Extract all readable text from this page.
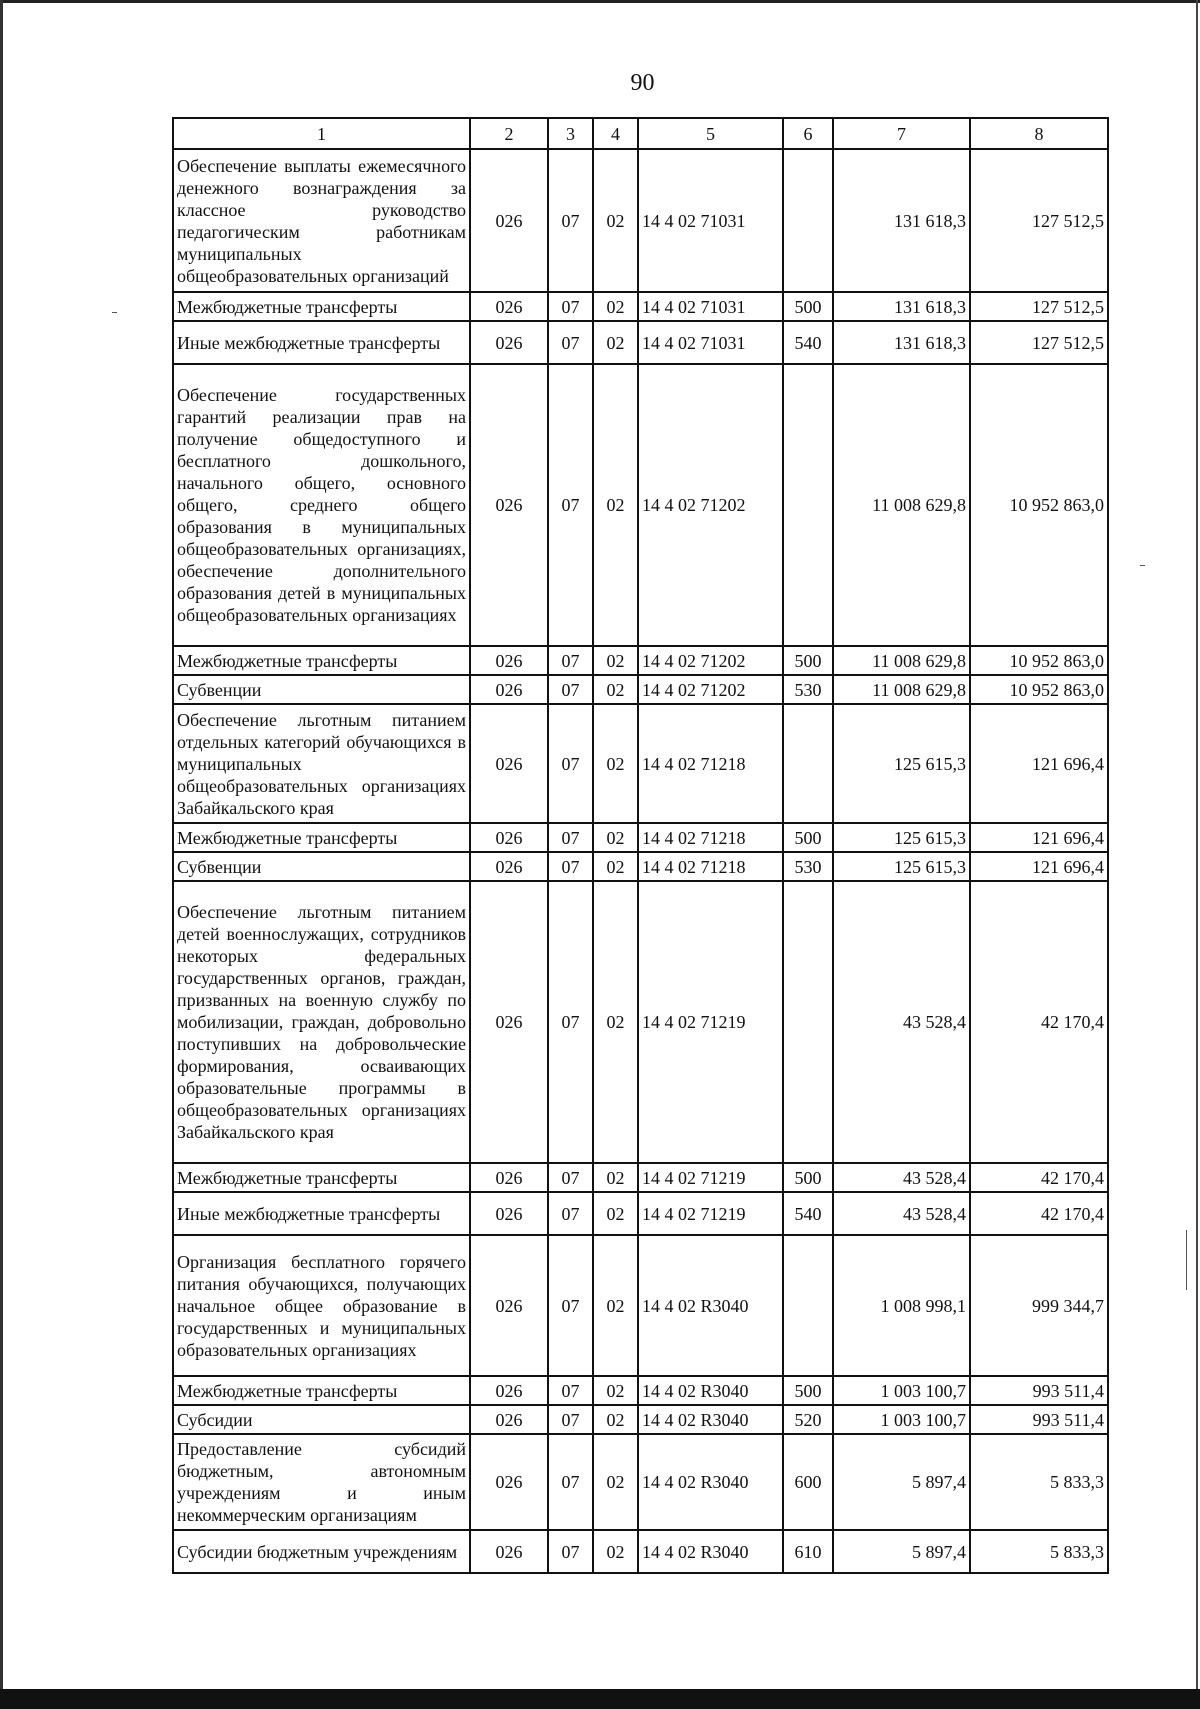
90
1	2	3	4	5	6	7	8
Обеспечение выплаты ежемесячного денежного вознаграждения за классное руководство педагогическим работникам муниципальных общеобразовательных организаций	026	07	02	14 4 02 71031		131 618,3	127 512,5
Межбюджетные трансферты	026	07	02	14 4 02 71031	500	131 618,3	127 512,5
Иные межбюджетные трансферты	026	07	02	14 4 02 71031	540	131 618,3	127 512,5
Обеспечение государственных гарантий реализации прав на получение общедоступного и бесплатного дошкольного, начального общего, основного общего, среднего общего образования в муниципальных общеобразовательных организациях, обеспечение дополнительного образования детей в муниципальных общеобразовательных организациях	026	07	02	14 4 02 71202		11 008 629,8	10 952 863,0
Межбюджетные трансферты	026	07	02	14 4 02 71202	500	11 008 629,8	10 952 863,0
Субвенции	026	07	02	14 4 02 71202	530	11 008 629,8	10 952 863,0
Обеспечение льготным питанием отдельных категорий обучающихся в муниципальных общеобразовательных организациях Забайкальского края	026	07	02	14 4 02 71218		125 615,3	121 696,4
Межбюджетные трансферты	026	07	02	14 4 02 71218	500	125 615,3	121 696,4
Субвенции	026	07	02	14 4 02 71218	530	125 615,3	121 696,4
Обеспечение льготным питанием детей военнослужащих, сотрудников некоторых федеральных государственных органов, граждан, призванных на военную службу по мобилизации, граждан, добровольно поступивших на добровольческие формирования, осваивающих образовательные программы в общеобразовательных организациях Забайкальского края	026	07	02	14 4 02 71219		43 528,4	42 170,4
Межбюджетные трансферты	026	07	02	14 4 02 71219	500	43 528,4	42 170,4
Иные межбюджетные трансферты	026	07	02	14 4 02 71219	540	43 528,4	42 170,4
Организация бесплатного горячего питания обучающихся, получающих начальное общее образование в государственных и муниципальных образовательных организациях	026	07	02	14 4 02 R3040		1 008 998,1	999 344,7
Межбюджетные трансферты	026	07	02	14 4 02 R3040	500	1 003 100,7	993 511,4
Субсидии	026	07	02	14 4 02 R3040	520	1 003 100,7	993 511,4
Предоставление субсидий бюджетным, автономным учреждениям и иным некоммерческим организациям	026	07	02	14 4 02 R3040	600	5 897,4	5 833,3
Субсидии бюджетным учреждениям	026	07	02	14 4 02 R3040	610	5 897,4	5 833,3
